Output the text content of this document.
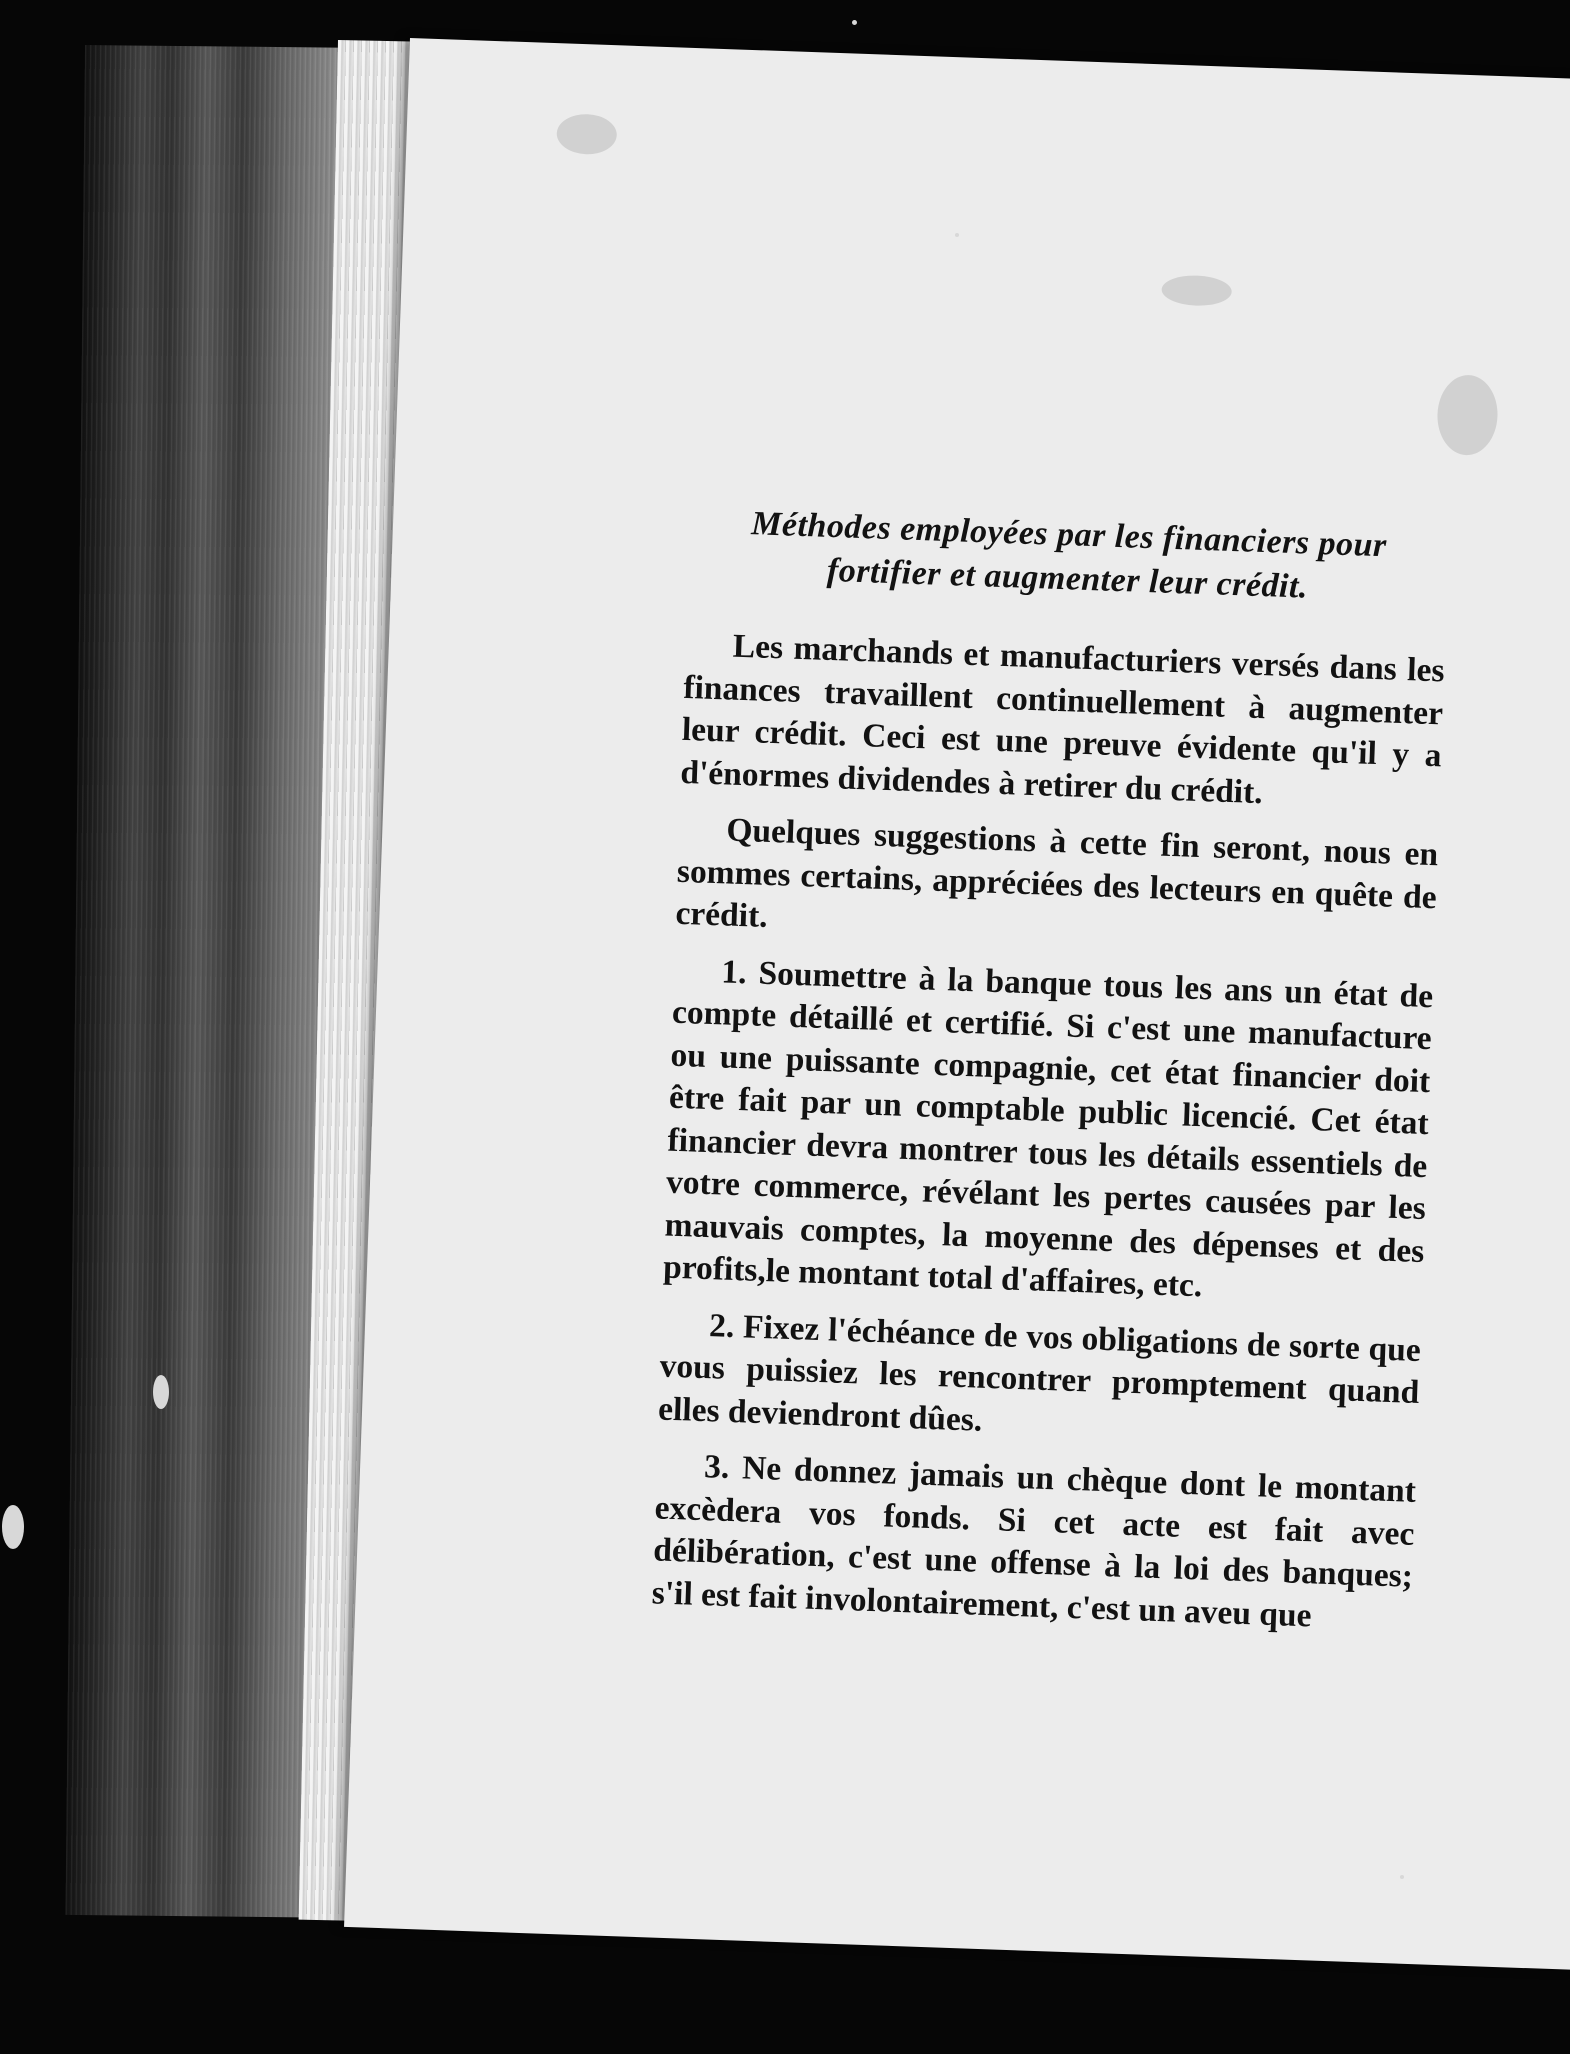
Méthodes employées par les financiers pour
fortifier et augmenter leur crédit.

Les marchands et manufacturiers versés dans les finances travaillent continuellement à augmenter leur crédit. Ceci est une preuve évidente qu'il y a d'énormes dividendes à retirer du crédit.

Quelques suggestions à cette fin seront, nous en sommes certains, appréciées des lecteurs en quête de crédit.

1. Soumettre à la banque tous les ans un état de compte détaillé et certifié. Si c'est une manufacture ou une puissante compagnie, cet état financier doit être fait par un comptable public licencié. Cet état financier devra montrer tous les détails essentiels de votre commerce, révélant les pertes causées par les mauvais comptes, la moyenne des dépenses et des profits,le montant total d'affaires, etc.

2. Fixez l'échéance de vos obligations de sorte que vous puissiez les rencontrer promptement quand elles deviendront dûes.

3. Ne donnez jamais un chèque dont le montant excèdera vos fonds. Si cet acte est fait avec délibération, c'est une offense à la loi des banques; s'il est fait involontairement, c'est un aveu que
